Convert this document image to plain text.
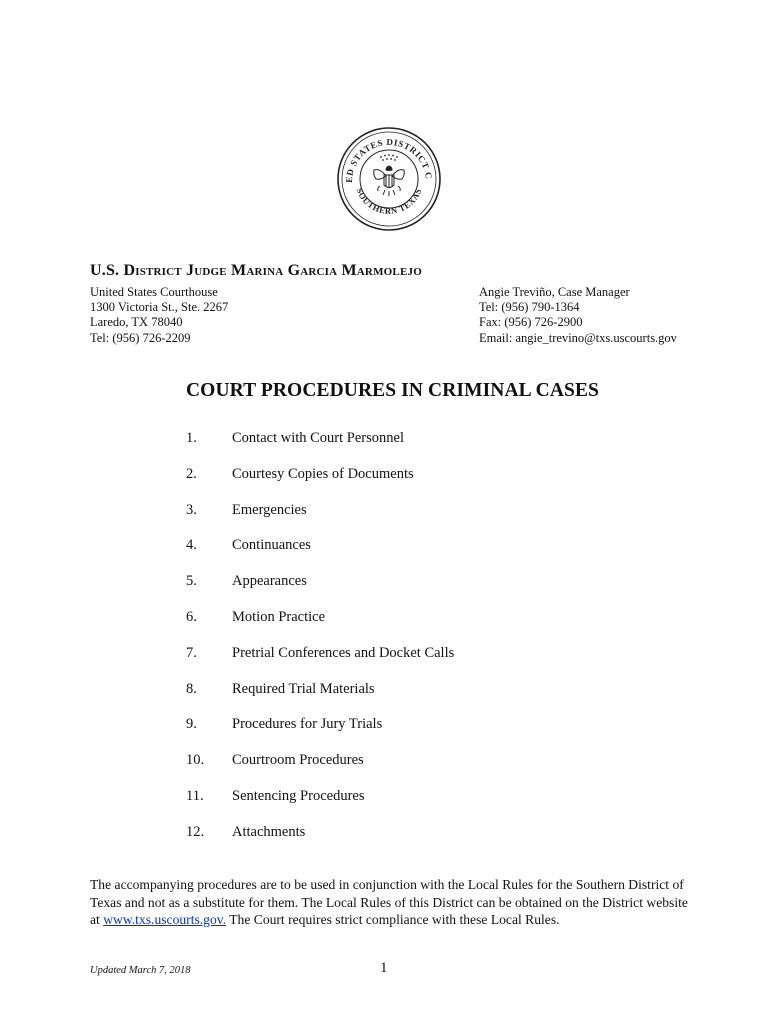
ED STATES DISTRICT C
SOUTHERN TEXAS
U.S. District Judge Marina Garcia Marmolejo
United States Courthouse
1300 Victoria St., Ste. 2267
Laredo, TX 78040
Tel: (956) 726-2209
Angie Treviño, Case Manager
Tel: (956) 790-1364
Fax: (956) 726-2900
Email: angie_trevino@txs.uscourts.gov
COURT PROCEDURES IN CRIMINAL CASES
1. Contact with Court Personnel
2. Courtesy Copies of Documents
3. Emergencies
4. Continuances
5. Appearances
6. Motion Practice
7. Pretrial Conferences and Docket Calls
8. Required Trial Materials
9. Procedures for Jury Trials
10. Courtroom Procedures
11. Sentencing Procedures
12. Attachments
The accompanying procedures are to be used in conjunction with the Local Rules for the Southern District of Texas and not as a substitute for them. The Local Rules of this District can be obtained on the District website at www.txs.uscourts.gov. The Court requires strict compliance with these Local Rules.
Updated March 7, 2018	1
